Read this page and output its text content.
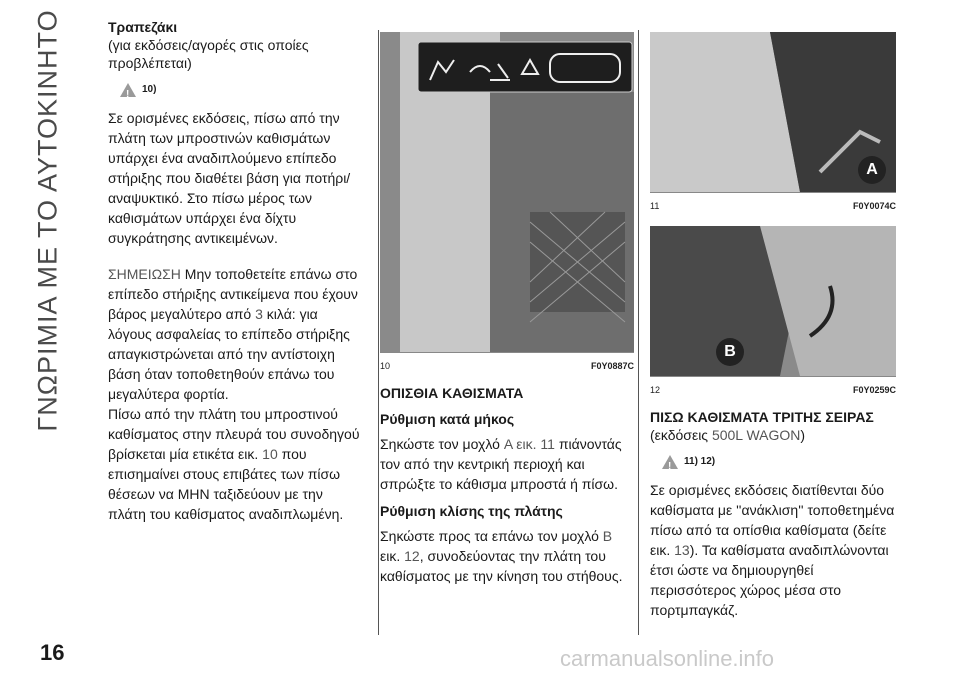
ΓΝΩΡΙΜΙΑ ΜΕ ΤΟ ΑΥΤΟΚΙΝΗΤΟ	Τραπεζάκι
(για εκδόσεις/αγορές στις οποίες προβλέπεται)
!
10)

Σε ορισμένες εκδόσεις, πίσω από την πλάτη των μπροστινών καθισμάτων υπάρχει ένα αναδιπλούμενο επίπεδο στήριξης που διαθέτει βάση για ποτήρι/αναψυκτικό. Στο πίσω μέρος των καθισμάτων υπάρχει ένα δίχτυ συγκράτησης αντικειμένων.

ΣΗΜΕΙΩΣΗ Μην τοποθετείτε επάνω στο επίπεδο στήριξης αντικείμενα που έχουν βάρος μεγαλύτερο από 3 κιλά: για λόγους ασφαλείας το επίπεδο στήριξης απαγκιστρώνεται από την αντίστοιχη βάση όταν τοποθετηθούν επάνω του μεγαλύτερα φορτία.

Πίσω από την πλάτη του μπροστινού καθίσματος στην πλευρά του συνοδηγού βρίσκεται μία ετικέτα εικ. 10 που επισημαίνει στους επιβάτες των πίσω θέσεων να ΜΗΝ ταξιδεύουν με την πλάτη του καθίσματος αναδιπλωμένη.

10	F0Y0887C
ΟΠΙΣΘΙΑ ΚΑΘΙΣΜΑΤΑ
Ρύθμιση κατά μήκος

Σηκώστε τον μοχλό A εικ. 11 πιάνοντάς τον από την κεντρική περιοχή και σπρώξτε το κάθισμα μπροστά ή πίσω.

Ρύθμιση κλίσης της πλάτης

Σηκώστε προς τα επάνω τον μοχλό B εικ. 12, συνοδεύοντας την πλάτη του καθίσματος με την κίνηση του στήθους.

A
11	F0Y0074C
B
12	F0Y0259C
ΠΙΣΩ ΚΑΘΙΣΜΑΤΑ ΤΡΙΤΗΣ ΣΕΙΡΑΣ
(εκδόσεις 500L WAGON)
!
11) 12)

Σε ορισμένες εκδόσεις διατίθενται δύο καθίσματα με ''ανάκλιση'' τοποθετημένα πίσω από τα οπίσθια καθίσματα (δείτε εικ. 13). Τα καθίσματα αναδιπλώνονται έτσι ώστε να δημιουργηθεί περισσότερος χώρος μέσα στο πορτμπαγκάζ.

16	carmanualsonline.info
